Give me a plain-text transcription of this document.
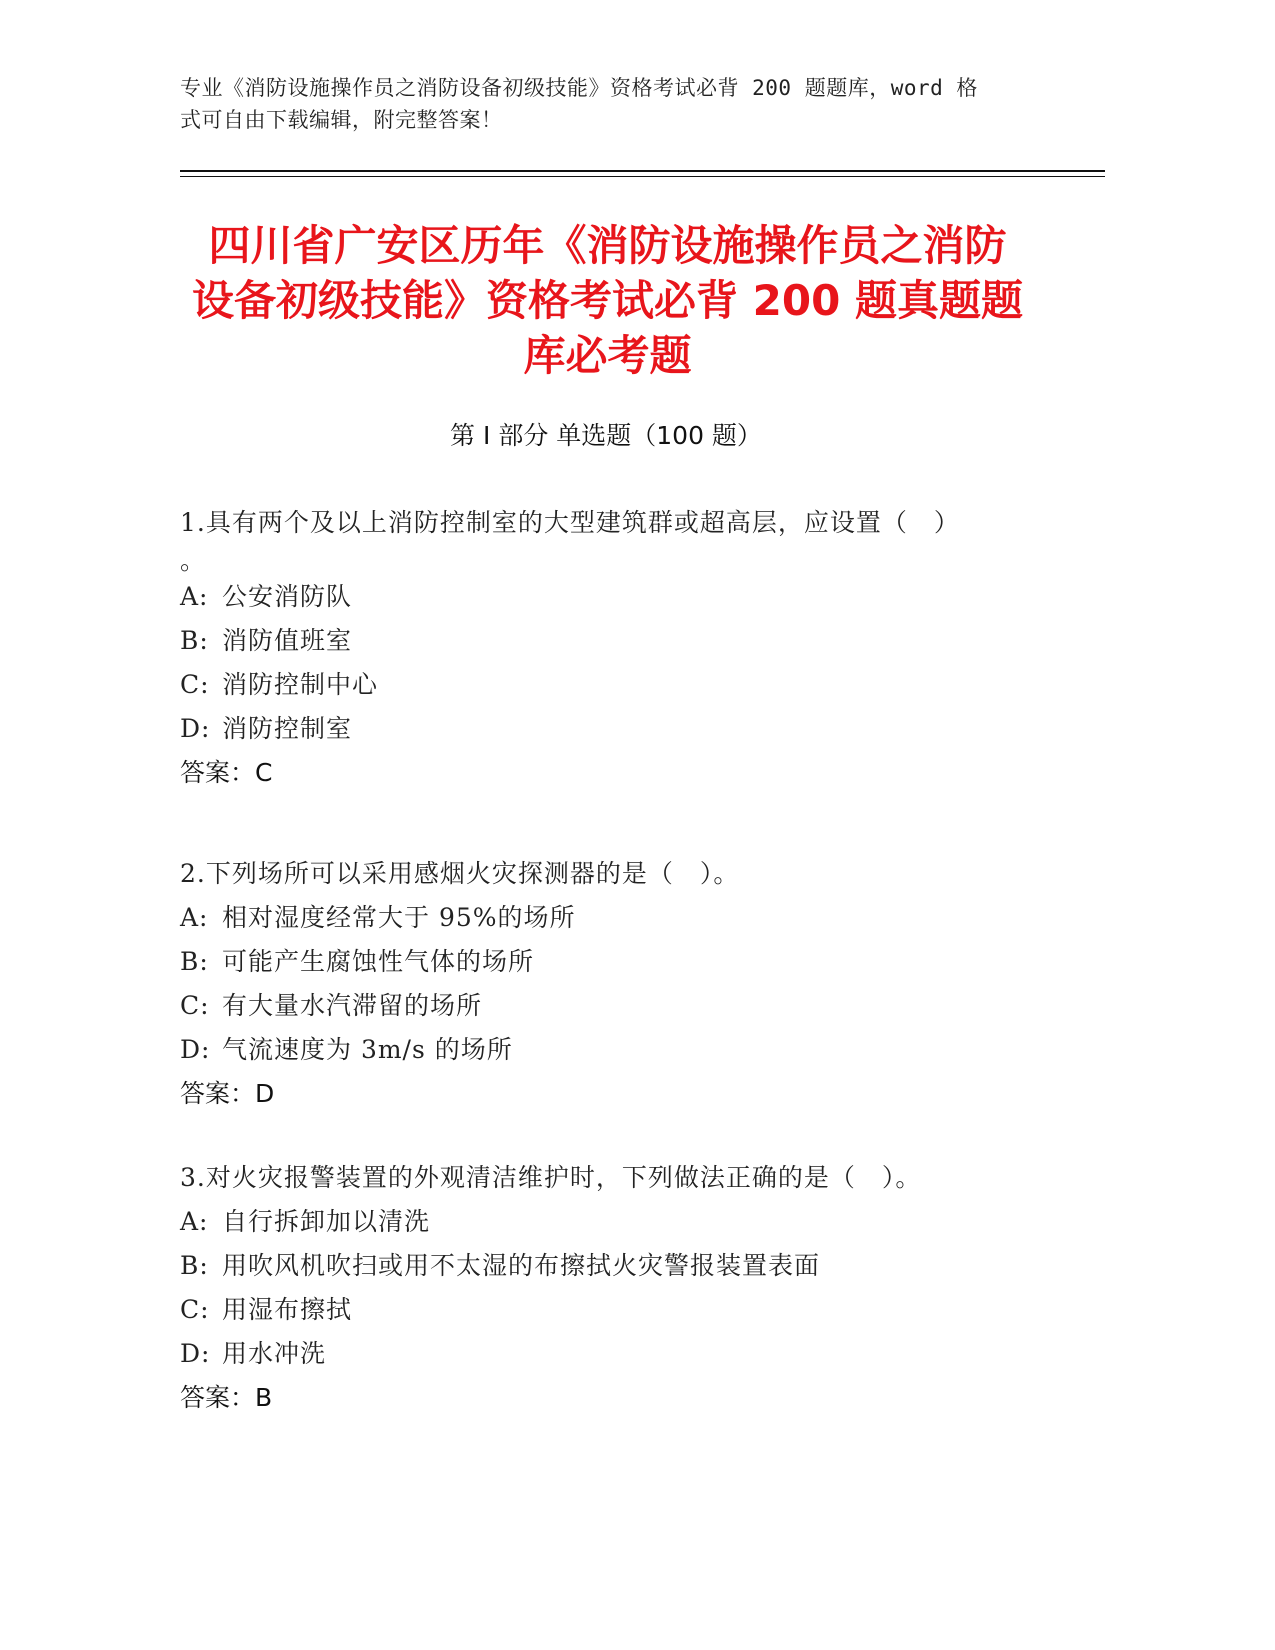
专业《消防设施操作员之消防设备初级技能》资格考试必背 200 题题库，word 格
式可自由下载编辑，附完整答案！
四川省广安区历年《消防设施操作员之消防
设备初级技能》资格考试必背 200 题真题题
库必考题
第 I 部分 单选题（100 题）

1.具有两个及以上消防控制室的大型建筑群或超高层，应设置（　）

。

A: 公安消防队

B: 消防值班室

C: 消防控制中心

D: 消防控制室

答案：C

2.下列场所可以采用感烟火灾探测器的是（　）。

A: 相对湿度经常大于 95%的场所

B: 可能产生腐蚀性气体的场所

C: 有大量水汽滞留的场所

D: 气流速度为 3m/s 的场所

答案：D

3.对火灾报警装置的外观清洁维护时，下列做法正确的是（　）。

A: 自行拆卸加以清洗

B: 用吹风机吹扫或用不太湿的布擦拭火灾警报装置表面

C: 用湿布擦拭

D: 用水冲洗

答案：B
